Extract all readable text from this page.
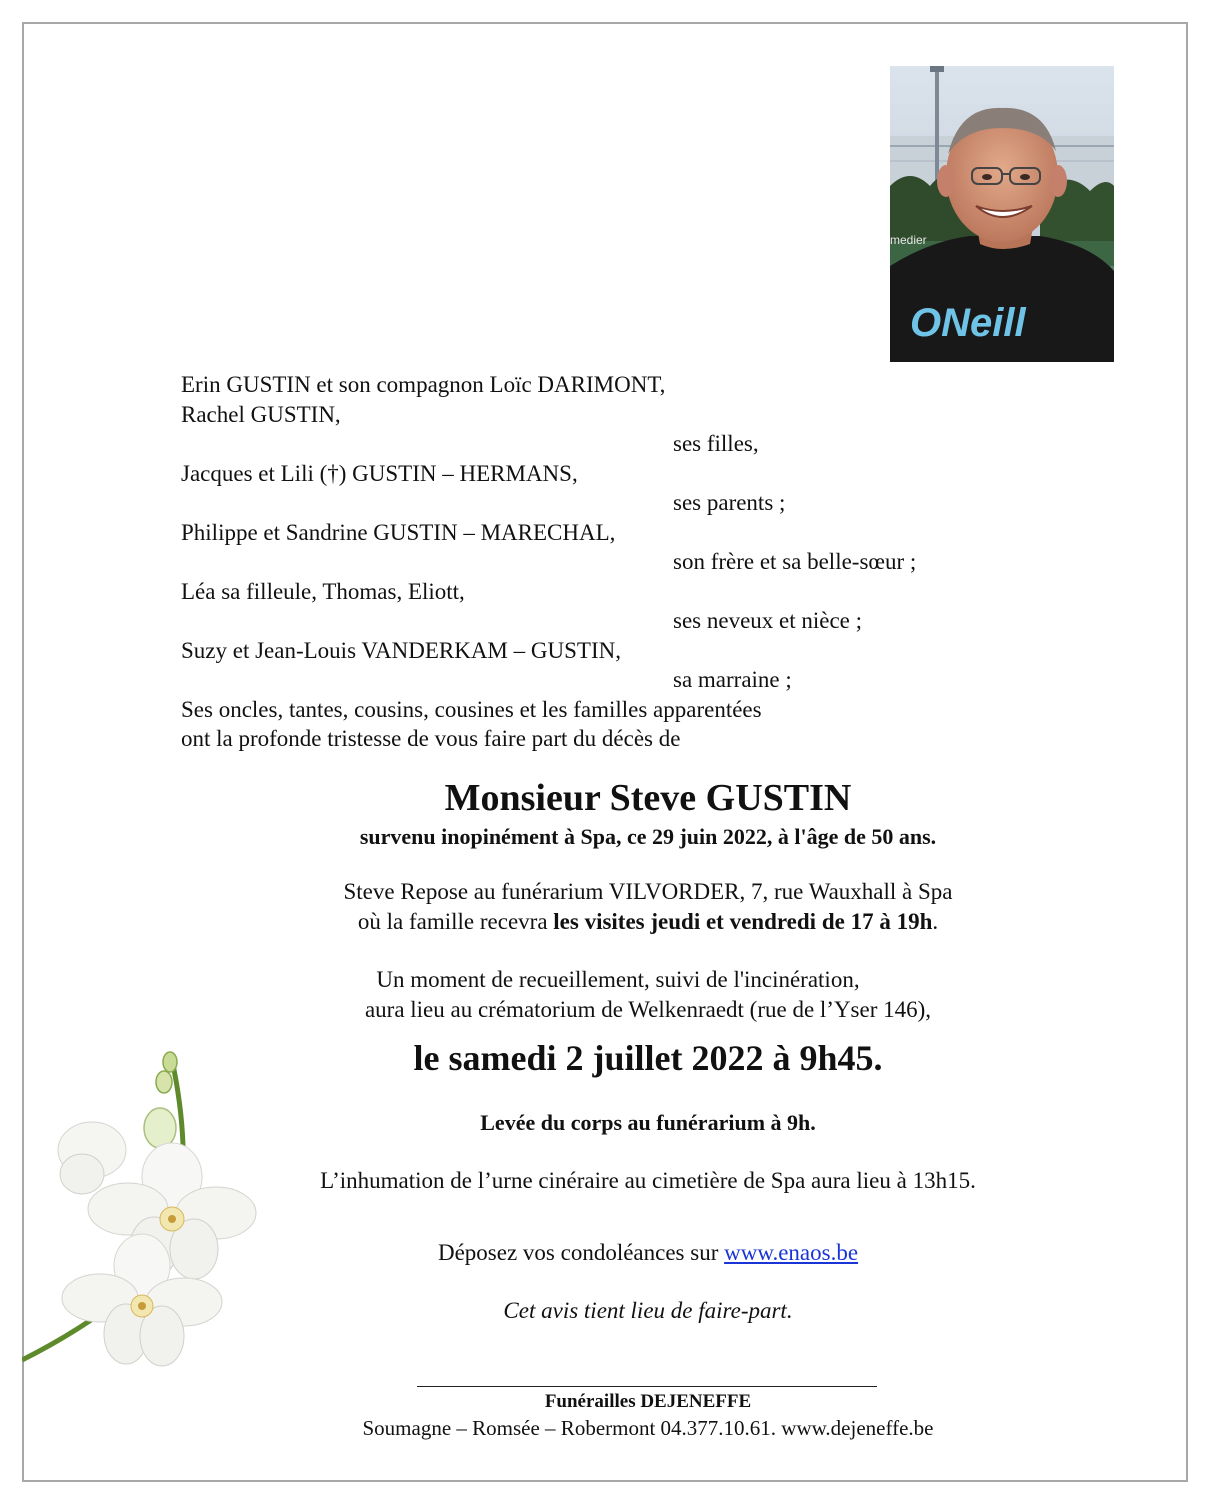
medier
ONeill
Erin GUSTIN et son compagnon Loïc DARIMONT,
Rachel GUSTIN,
ses filles,
Jacques et Lili (†) GUSTIN – HERMANS,
ses parents ;
Philippe et Sandrine GUSTIN – MARECHAL,
son frère et sa belle-sœur ;
Léa sa filleule, Thomas, Eliott,
ses neveux et nièce ;
Suzy et Jean-Louis VANDERKAM – GUSTIN,
sa marraine ;
Ses oncles, tantes, cousins, cousines et les familles apparentées
ont la profonde tristesse de vous faire part du décès de
Monsieur Steve GUSTIN
survenu inopinément à Spa, ce 29 juin 2022, à l'âge de 50 ans.
Steve Repose au funérarium VILVORDER, 7, rue Wauxhall à Spa
où la famille recevra les visites jeudi et vendredi de 17 à 19h.
Un moment de recueillement, suivi de l'incinération,
aura lieu au crématorium de Welkenraedt (rue de l’Yser 146),
le samedi 2 juillet 2022 à 9h45.
Levée du corps au funérarium à 9h.
L’inhumation de l’urne cinéraire au cimetière de Spa aura lieu à 13h15.
Déposez vos condoléances sur www.enaos.be
Cet avis tient lieu de faire-part.
Funérailles DEJENEFFE
Soumagne – Romsée – Robermont 04.377.10.61. www.dejeneffe.be
